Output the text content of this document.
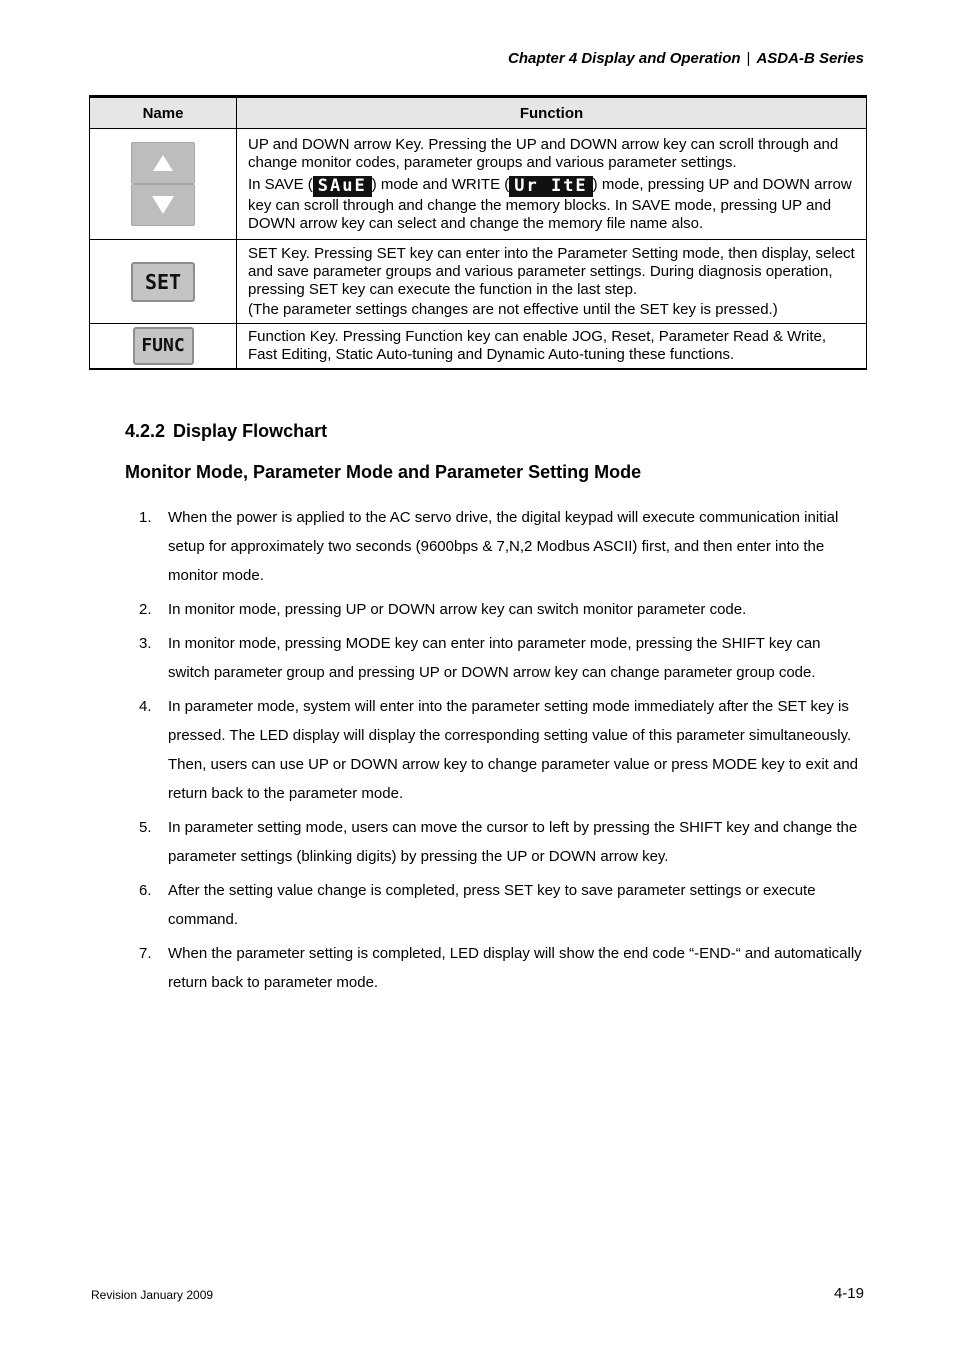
Chapter 4 Display and Operation | ASDA-B Series
Name	Function

	UP and DOWN arrow Key. Pressing the UP and DOWN arrow key can scroll through and change monitor codes, parameter groups and various parameter settings.

In SAVE ( SAuE ) mode and WRITE ( Ur ItE ) mode, pressing UP and DOWN arrow key can scroll through and change the memory blocks. In SAVE mode, pressing UP and DOWN arrow key can select and change the memory file name also.

SET	SET Key. Pressing SET key can enter into the Parameter Setting mode, then display, select and save parameter groups and various parameter settings. During diagnosis operation, pressing SET key can execute the function in the last step.

(The parameter settings changes are not effective until the SET key is pressed.)

FUNC	Function Key. Pressing Function key can enable JOG, Reset, Parameter Read & Write, Fast Editing, Static Auto-tuning and Dynamic Auto-tuning these functions.

4.2.2 Display Flowchart
Monitor Mode, Parameter Mode and Parameter Setting Mode
1. When the power is applied to the AC servo drive, the digital keypad will execute communication initial setup for approximately two seconds (9600bps & 7,N,2 Modbus ASCII) first, and then enter into the monitor mode.
2. In monitor mode, pressing UP or DOWN arrow key can switch monitor parameter code.
3. In monitor mode, pressing MODE key can enter into parameter mode, pressing the SHIFT key can switch parameter group and pressing UP or DOWN arrow key can change parameter group code.
4. In parameter mode, system will enter into the parameter setting mode immediately after the SET key is pressed. The LED display will display the corresponding setting value of this parameter simultaneously. Then, users can use UP or DOWN arrow key to change parameter value or press MODE key to exit and return back to the parameter mode.
5. In parameter setting mode, users can move the cursor to left by pressing the SHIFT key and change the parameter settings (blinking digits) by pressing the UP or DOWN arrow key.
6. After the setting value change is completed, press SET key to save parameter settings or execute command.
7. When the parameter setting is completed, LED display will show the end code “-END-“ and automatically return back to parameter mode.
Revision January 2009	4-19
